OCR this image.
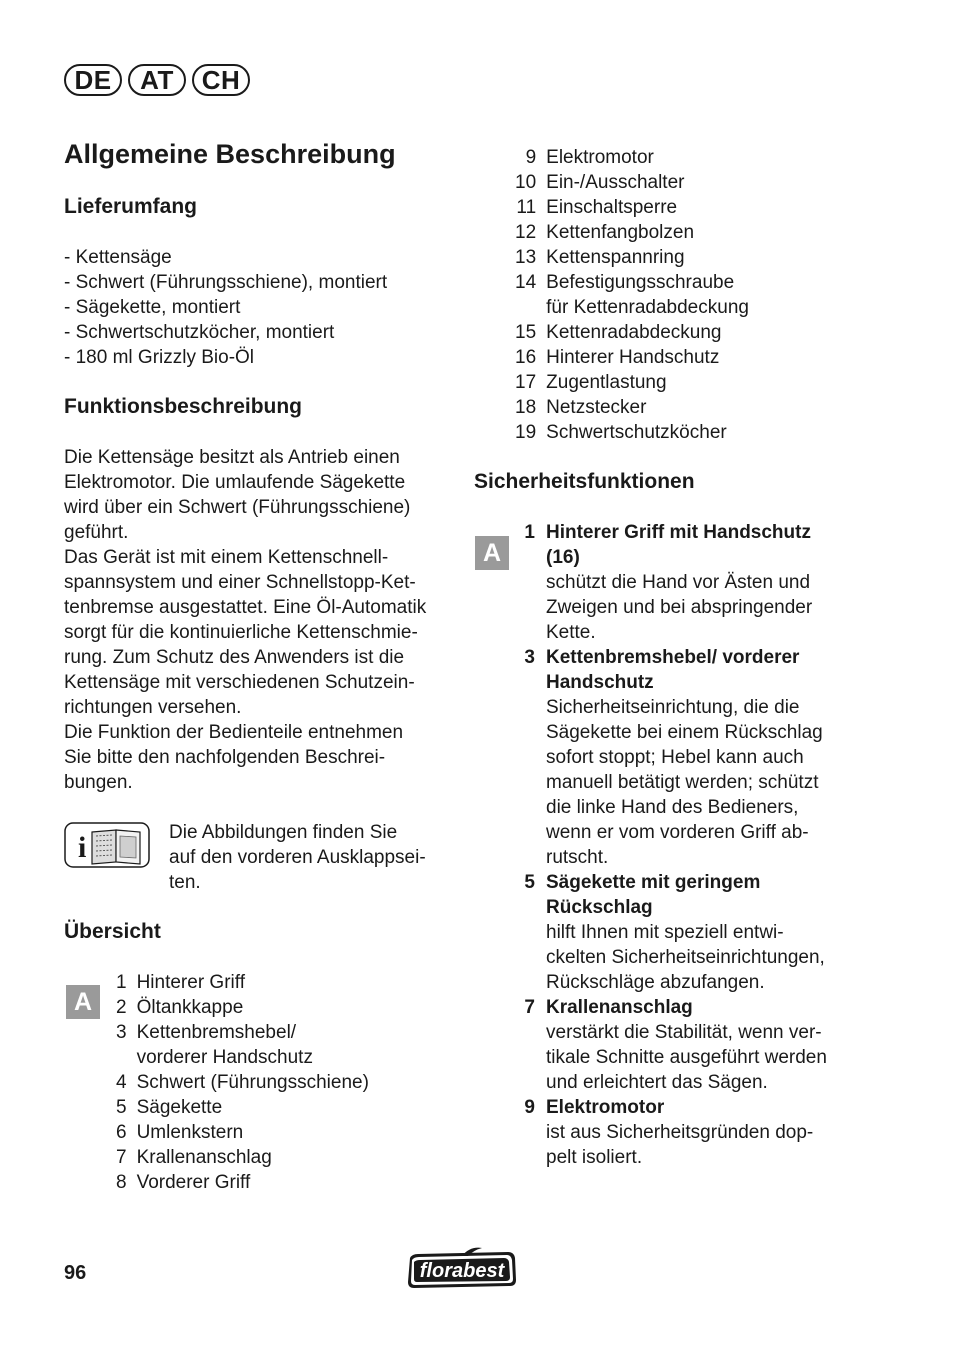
DE	AT	CH
Allgemeine Beschreibung
Lieferumfang
- Kettensäge
- Schwert (Führungsschiene), montiert
- Sägekette, montiert
- Schwertschutzköcher, montiert
- 180 ml Grizzly Bio-Öl
Funktionsbeschreibung

Die Kettensäge besitzt als Antrieb einen

Elektromotor. Die umlaufende Sägekette

wird über ein Schwert (Führungsschiene)

geführt.

Das Gerät ist mit einem Kettenschnell-

spannsystem und einer Schnellstopp-Ket-

tenbremse ausgestattet. Eine Öl-Automatik

sorgt für die kontinuierliche Kettenschmie-

rung. Zum Schutz des Anwenders ist die

Kettensäge mit verschiedenen Schutzein-

richtungen versehen.

Die Funktion der Bedienteile entnehmen

Sie bitte den nachfolgenden Beschrei-

bungen.

i	Die Abbildungen finden Sie
auf den vorderen Ausklappsei-
ten.
Übersicht
A
1	Hinterer Griff
2	Öltankkappe
3	Kettenbremshebel/
	vorderer Handschutz
4	Schwert (Führungsschiene)
5	Sägekette
6	Umlenkstern
7	Krallenanschlag
8	Vorderer Griff
9	Elektromotor
10	Ein-/Ausschalter
11	Einschaltsperre
12	Kettenfangbolzen
13	Kettenspannring
14	Befestigungsschraube
	für Kettenradabdeckung
15	Kettenradabdeckung
16	Hinterer Handschutz
17	Zugentlastung
18	Netzstecker
19	Schwertschutzköcher
Sicherheitsfunktionen
A
1 Hinterer Griff mit Handschutz
(16)
schützt die Hand vor Ästen und
Zweigen und bei abspringender
Kette.
3 Kettenbremshebel/ vorderer
Handschutz
Sicherheitseinrichtung, die die
Sägekette bei einem Rückschlag
sofort stoppt; Hebel kann auch
manuell betätigt werden; schützt
die linke Hand des Bedieners,
wenn er vom vorderen Griff ab-
rutscht.
5 Sägekette mit geringem
Rückschlag
hilft Ihnen mit speziell entwi-
ckelten Sicherheitseinrichtungen,
Rückschläge abzufangen.
7 Krallenanschlag
verstärkt die Stabilität, wenn ver-
tikale Schnitte ausgeführt werden
und erleichtert das Sägen.
9 Elektromotor
ist aus Sicherheitsgründen dop-
pelt isoliert.
96	florabest
